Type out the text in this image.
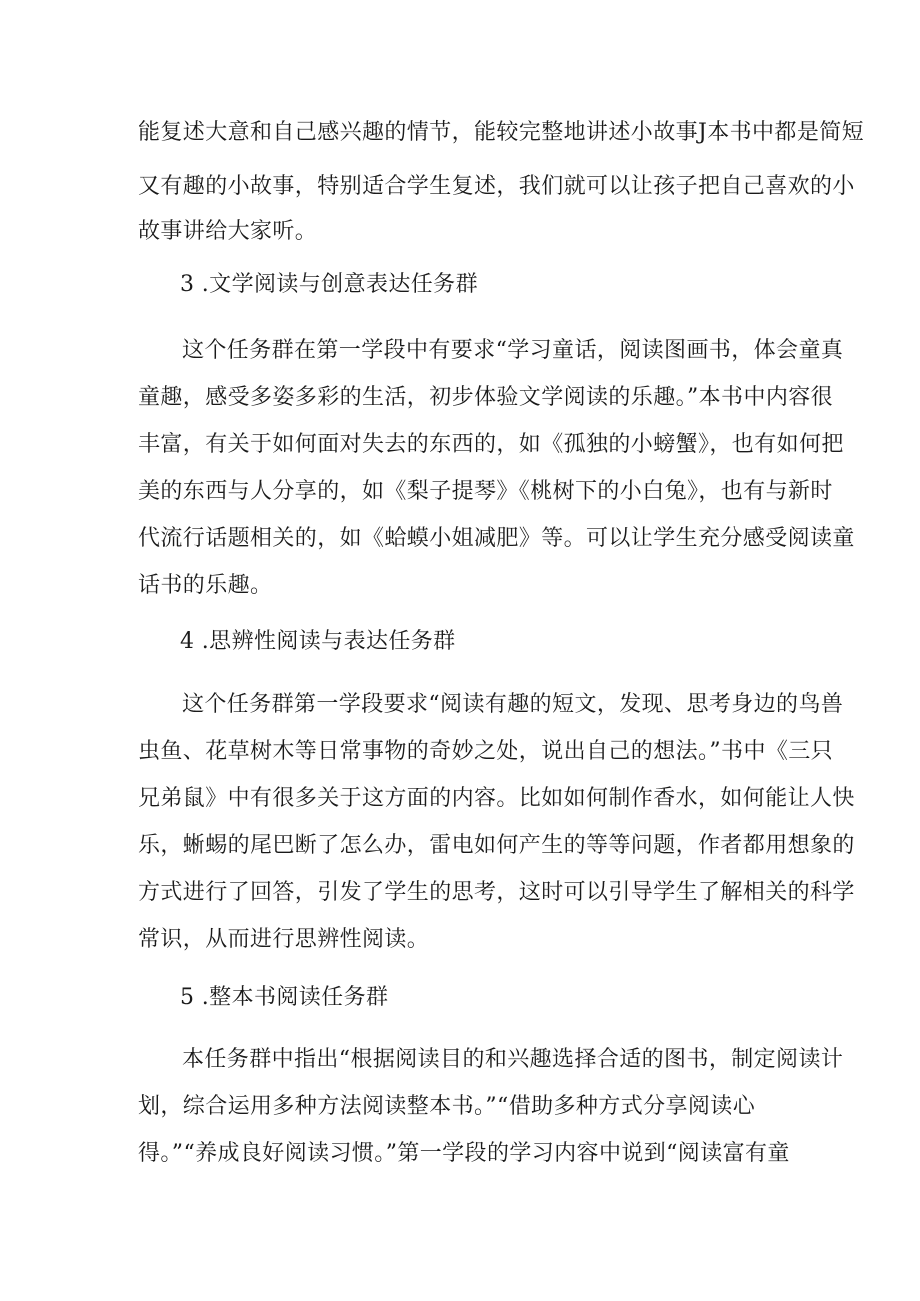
能复述大意和自己感兴趣的情节，能较完整地讲述小故事J本书中都是简短
又有趣的小故事，特别适合学生复述，我们就可以让孩子把自己喜欢的小
故事讲给大家听。
3 .文学阅读与创意表达任务群
这个任务群在第一学段中有要求“学习童话，阅读图画书，体会童真
童趣，感受多姿多彩的生活，初步体验文学阅读的乐趣。”本书中内容很
丰富，有关于如何面对失去的东西的，如《孤独的小螃蟹》，也有如何把
美的东西与人分享的，如《梨子提琴》《桃树下的小白兔》，也有与新时
代流行话题相关的，如《蛤蟆小姐减肥》等。可以让学生充分感受阅读童
话书的乐趣。
4 .思辨性阅读与表达任务群
这个任务群第一学段要求“阅读有趣的短文，发现、思考身边的鸟兽
虫鱼、花草树木等日常事物的奇妙之处，说出自己的想法。”书中《三只
兄弟鼠》中有很多关于这方面的内容。比如如何制作香水，如何能让人快
乐，蜥蜴的尾巴断了怎么办，雷电如何产生的等等问题，作者都用想象的
方式进行了回答，引发了学生的思考，这时可以引导学生了解相关的科学
常识，从而进行思辨性阅读。
5 .整本书阅读任务群
本任务群中指出“根据阅读目的和兴趣选择合适的图书，制定阅读计
划，综合运用多种方法阅读整本书。”“借助多种方式分享阅读心
得。”“养成良好阅读习惯。”第一学段的学习内容中说到“阅读富有童
